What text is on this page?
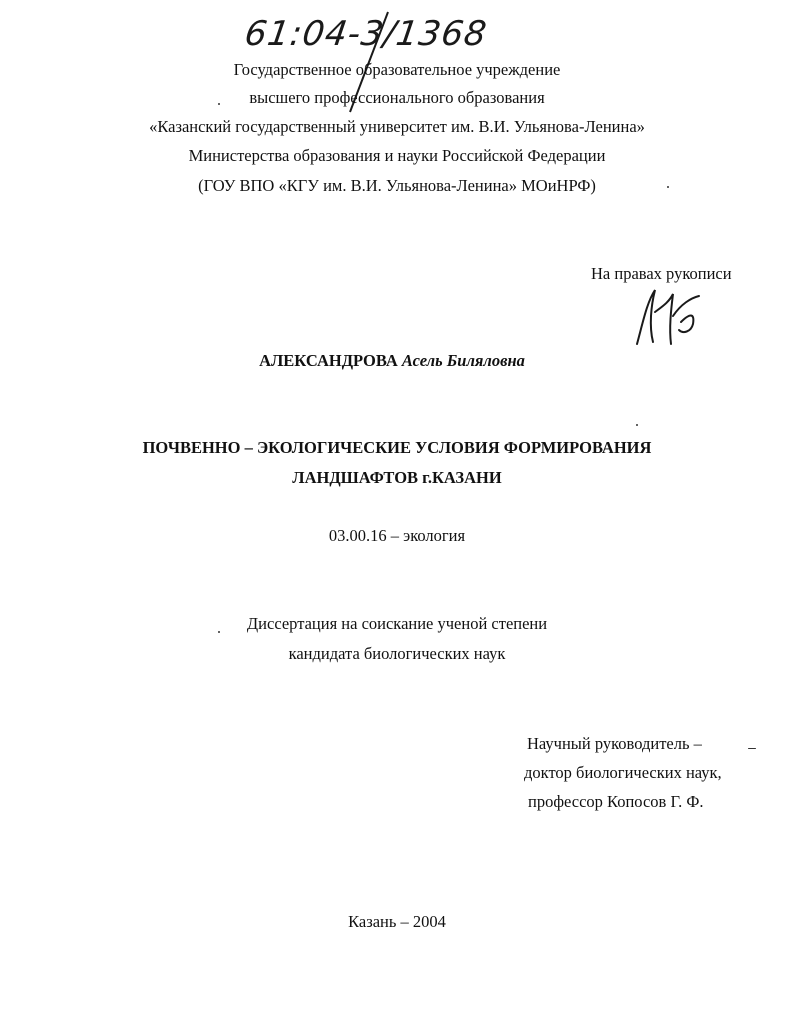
61:04-3/1368
Государственное образовательное учреждение
высшего профессионального образования
«Казанский государственный университет им. В.И. Ульянова-Ленина»
Министерства образования и науки Российской Федерации
(ГОУ ВПО «КГУ им. В.И. Ульянова-Ленина» МОиНРФ)
На правах рукописи
АЛЕКСАНДРОВА Асель Биляловна
ПОЧВЕННО – ЭКОЛОГИЧЕСКИЕ УСЛОВИЯ ФОРМИРОВАНИЯ
ЛАНДШАФТОВ г.КАЗАНИ
03.00.16 – экология
Диссертация на соискание ученой степени
кандидата биологических наук
Научный руководитель –
доктор биологических наук,
профессор Копосов Г. Ф.
Казань – 2004
